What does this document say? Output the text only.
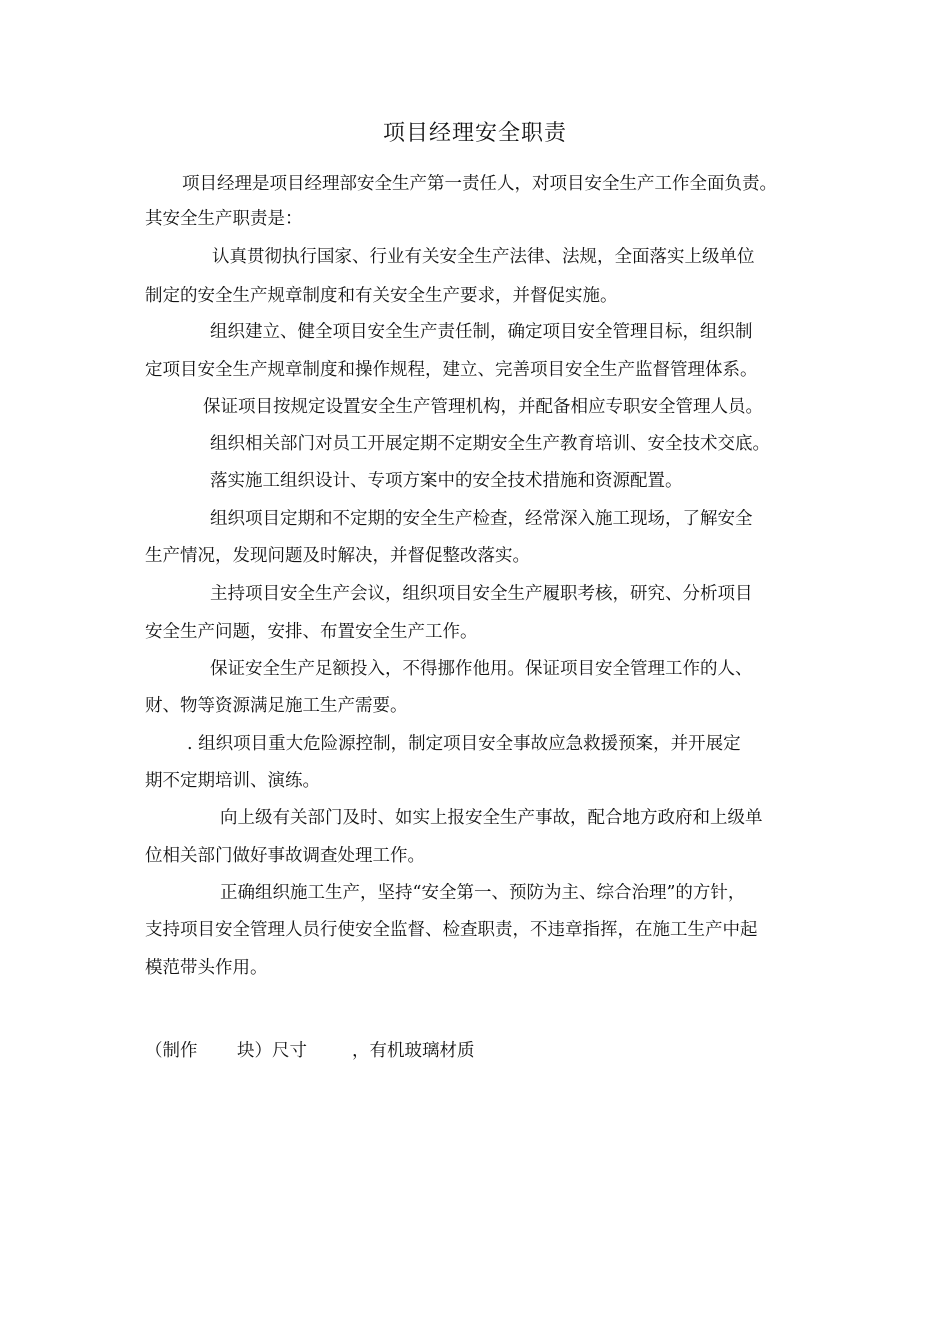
项目经理安全职责
项目经理是项目经理部安全生产第一责任人，对项目安全生产工作全面负责。
其安全生产职责是：
认真贯彻执行国家、行业有关安全生产法律、法规，全面落实上级单位
制定的安全生产规章制度和有关安全生产要求，并督促实施。
组织建立、健全项目安全生产责任制，确定项目安全管理目标，组织制
定项目安全生产规章制度和操作规程，建立、完善项目安全生产监督管理体系。
保证项目按规定设置安全生产管理机构，并配备相应专职安全管理人员。
组织相关部门对员工开展定期不定期安全生产教育培训、安全技术交底。
落实施工组织设计、专项方案中的安全技术措施和资源配置。
组织项目定期和不定期的安全生产检查，经常深入施工现场，了解安全
生产情况，发现问题及时解决，并督促整改落实。
主持项目安全生产会议，组织项目安全生产履职考核，研究、分析项目
安全生产问题，安排、布置安全生产工作。
保证安全生产足额投入，不得挪作他用。保证项目安全管理工作的人、
财、物等资源满足施工生产需要。
. 组织项目重大危险源控制，制定项目安全事故应急救援预案，并开展定
期不定期培训、演练。
向上级有关部门及时、如实上报安全生产事故，配合地方政府和上级单
位相关部门做好事故调查处理工作。
正确组织施工生产，坚持“安全第一、预防为主、综合治理”的方针，
支持项目安全管理人员行使安全监督、检查职责，不违章指挥，在施工生产中起
模范带头作用。
（制作 块）尺寸	，有机玻璃材质
